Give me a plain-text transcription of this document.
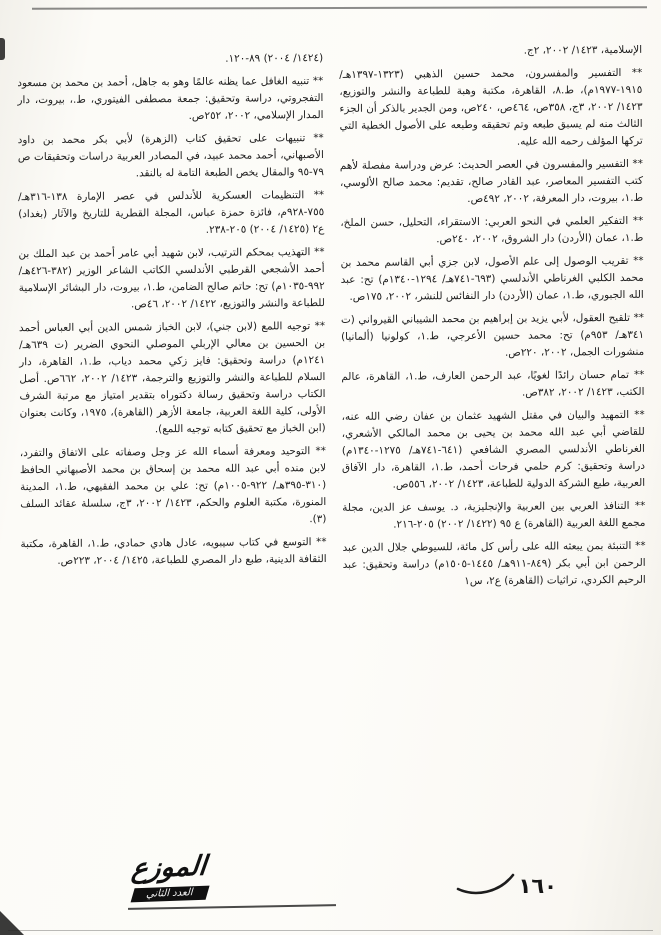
الإسلامية، ١٤٢٣/ ٢٠٠٢، ٢ج.

** التفسير والمفسرون، محمد حسين الذهبي (١٣٢٣-١٣٩٧هـ/ ١٩١٥-١٩٧٧م)، ط.٨، القاهرة، مكتبة وهبة للطباعة والنشر والتوزيع، ١٤٢٣/ ٢٠٠٢، ٣ج، ٣٥٨ص، ٤٦٤ص، ٢٤٠ص، ومن الجدير بالذكر أن الجزء الثالث منه لم يسبق طبعه وتم تحقيقه وطبعه على الأصول الخطية التي تركها المؤلف رحمه الله عليه.

** التفسير والمفسرون في العصر الحديث: عرض ودراسة مفصلة لأهم كتب التفسير المعاصر، عبد القادر صالح، تقديم: محمد صالح الألوسي، ط.١، بيروت، دار المعرفة، ٢٠٠٢، ٤٩٢ص.

** التفكير العلمي في النحو العربي: الاستقراء، التحليل، حسن الملخ، ط.١، عمان (الأردن) دار الشروق، ٢٠٠٢، ٢٤٠ص.

** تقريب الوصول إلى علم الأصول، لابن جزي أبي القاسم محمد بن محمد الكلبي الغرناطي الأندلسي (٦٩٣-٧٤١هـ/ ١٢٩٤-١٣٤٠م) تح: عبد الله الجبوري، ط.١، عمان (الأردن) دار النفائس للنشر، ٢٠٠٢، ١٧٥ص.

** تلقيح العقول، لأبي يزيد بن إبراهيم بن محمد الشيباني القيرواني (ت ٣٤١هـ/ ٩٥٣م) تح: محمد حسين الأعرجي، ط.١، كولونيا (ألمانيا) منشورات الجمل، ٢٠٠٢، ٢٢٠ص.

** تمام حسان رائدًا لغويًا، عبد الرحمن العارف، ط.١، القاهرة، عالم الكتب، ١٤٢٣/ ٢٠٠٢، ٣٨٢ص.

** التمهيد والبيان في مقتل الشهيد عثمان بن عفان رضي الله عنه، للقاضي أبي عبد الله محمد بن يحيى بن محمد المالكي الأشعري، الغرناطي الأندلسي المصري الشافعي (٦٤١-٧٤١هـ/ ١٢٧٥-١٣٤٠م) دراسة وتحقيق: كرم حلمي فرحات أحمد، ط.١، القاهرة، دار الآفاق العربية، طبع الشركة الدولية للطباعة، ١٤٢٣/ ٢٠٠٢، ٥٥٦ص.

** التنافذ العربي بين العربية والإنجليزية، د. يوسف عز الدين، مجلة مجمع اللغة العربية (القاهرة) ع ٩٥ (١٤٢٢/ ٢٠٠٢) ٢٠٥-٢١٦.

** التنبئة بمن يبعثه الله على رأس كل مائة، للسيوطي جلال الدين عبد الرحمن ابن أبي بكر (٨٤٩-٩١١هـ/ ١٤٤٥-١٥٠٥م) دراسة وتحقيق: عبد الرحيم الكردي، تراثيات (القاهرة) ع٢، س١

(١٤٢٤/ ٢٠٠٤) ٨٩-١٢٠.

** تنبيه الغافل عما يظنه عالمًا وهو به جاهل، أحمد بن محمد بن مسعود التفجروتي، دراسة وتحقيق: جمعة مصطفى الفيتوري، ط.، بيروت، دار المدار الإسلامي، ٢٠٠٢، ٢٥٢ص.

** تنبيهات على تحقيق كتاب (الزهرة) لأبي بكر محمد بن داود الأصبهاني، أحمد محمد عبيد، في المصادر العربية دراسات وتحقيقات ص ٧٩-٩٥ والمقال يخص الطبعة التامة له بالنقد.

** التنظيمات العسكرية للأندلس في عصر الإمارة ١٣٨-٣١٦هـ/ ٧٥٥-٩٢٨م، فائزة حمزة عباس، المجلة القطرية للتاريخ والآثار (بغداد) ع٢ (١٤٢٥/ ٢٠٠٤) ٢٠٥-٢٣٨.

** التهذيب بمحكم الترتيب، لابن شهيد أبي عامر أحمد بن عبد الملك بن أحمد الأشجعي القرطبي الأندلسي الكاتب الشاعر الوزير (٣٨٢-٤٢٦هـ/ ٩٩٢-١٠٣٥م) تح: حاتم صالح الضامن، ط.١، بيروت، دار البشائر الإسلامية للطباعة والنشر والتوزيع، ١٤٢٢/ ٢٠٠٢، ٤٦ص.

** توجيه اللمع (لابن جني)، لابن الخباز شمس الدين أبي العباس أحمد بن الحسين بن معالي الإربلي الموصلي النحوي الضرير (ت ٦٣٩هـ/ ١٢٤١م) دراسة وتحقيق: فايز زكي محمد دياب، ط.١، القاهرة، دار السلام للطباعة والنشر والتوزيع والترجمة، ١٤٢٣/ ٢٠٠٢، ٦٦٢ص. أصل الكتاب دراسة وتحقيق رسالة دكتوراه بتقدير امتياز مع مرتبة الشرف الأولى، كلية اللغة العربية، جامعة الأزهر (القاهرة)، ١٩٧٥، وكانت بعنوان (ابن الخباز مع تحقيق كتابه توجيه اللمع).

** التوحيد ومعرفة أسماء الله عز وجل وصفاته على الاتفاق والتفرد، لابن منده أبي عبد الله محمد بن إسحاق بن محمد الأصبهاني الحافظ (٣١٠-٣٩٥هـ/ ٩٢٢-١٠٠٥م) تح: علي بن محمد الفقيهي، ط.١، المدينة المنورة، مكتبة العلوم والحكم، ١٤٢٣/ ٢٠٠٢، ٣ج، سلسلة عقائد السلف (٣).

** التوسع في كتاب سيبويه، عادل هادي حمادي، ط.١، القاهرة، مكتبة الثقافة الدينية، طبع دار المصري للطباعة، ١٤٢٥/ ٢٠٠٤، ٢٢٣ص.

الموزع
العدد الثاني	١٦٠
